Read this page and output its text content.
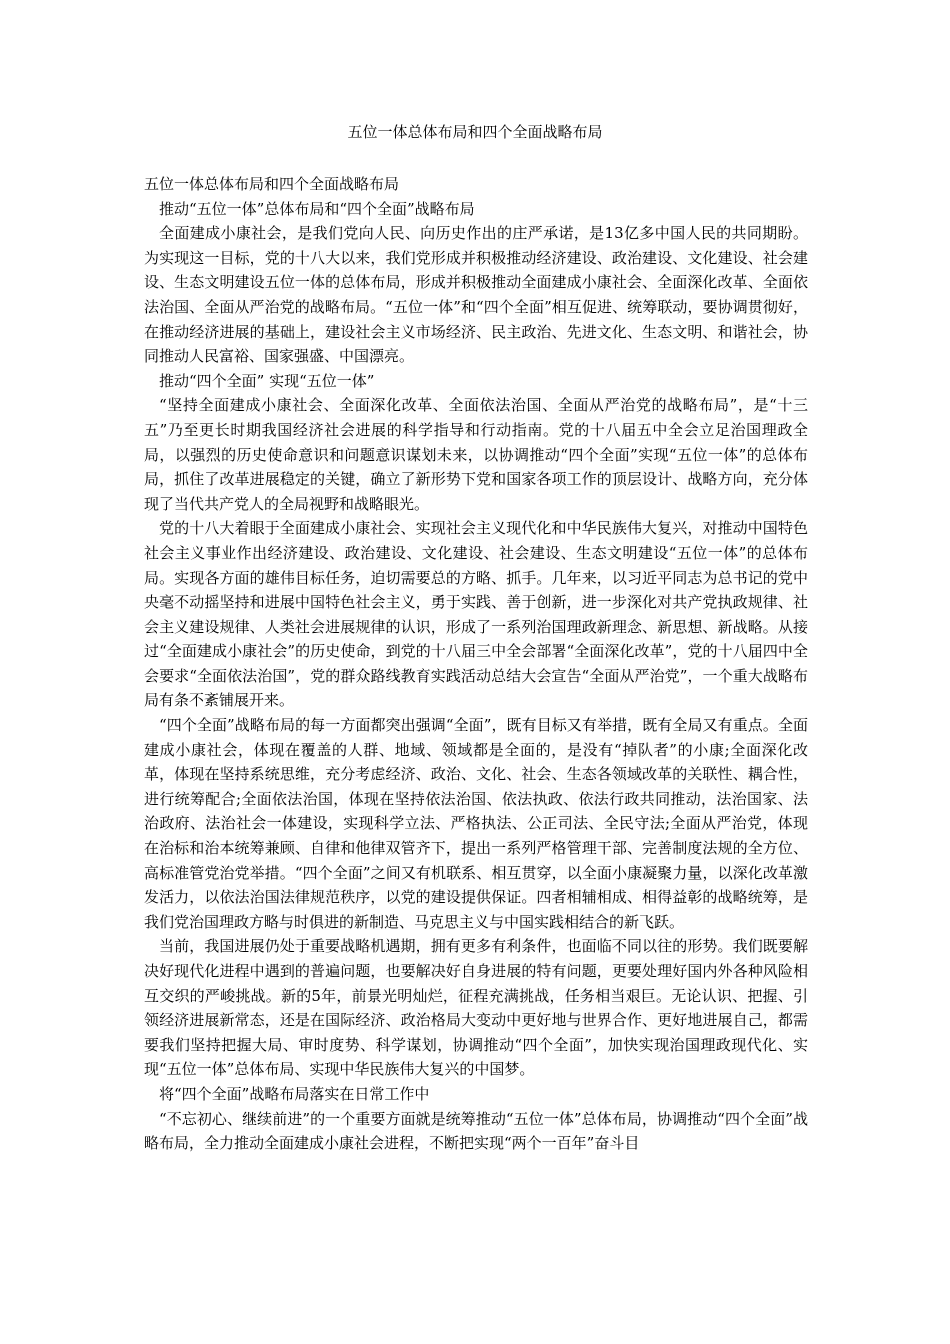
五位一体总体布局和四个全面战略布局

五位一体总体布局和四个全面战略布局

推动“五位一体”总体布局和“四个全面”战略布局

全面建成小康社会，是我们党向人民、向历史作出的庄严承诺，是13亿多中国人民的共同期盼。为实现这一目标，党的十八大以来，我们党形成并积极推动经济建设、政治建设、文化建设、社会建设、生态文明建设五位一体的总体布局，形成并积极推动全面建成小康社会、全面深化改革、全面依法治国、全面从严治党的战略布局。“五位一体”和“四个全面”相互促进、统筹联动，要协调贯彻好，在推动经济进展的基础上，建设社会主义市场经济、民主政治、先进文化、生态文明、和谐社会，协同推动人民富裕、国家强盛、中国漂亮。

推动“四个全面” 实现“五位一体”

“坚持全面建成小康社会、全面深化改革、全面依法治国、全面从严治党的战略布局”，是“十三五”乃至更长时期我国经济社会进展的科学指导和行动指南。党的十八届五中全会立足治国理政全局，以强烈的历史使命意识和问题意识谋划未来，以协调推动“四个全面”实现“五位一体”的总体布局，抓住了改革进展稳定的关键，确立了新形势下党和国家各项工作的顶层设计、战略方向，充分体现了当代共产党人的全局视野和战略眼光。

党的十八大着眼于全面建成小康社会、实现社会主义现代化和中华民族伟大复兴，对推动中国特色社会主义事业作出经济建设、政治建设、文化建设、社会建设、生态文明建设“五位一体”的总体布局。实现各方面的雄伟目标任务，迫切需要总的方略、抓手。几年来，以习近平同志为总书记的党中央毫不动摇坚持和进展中国特色社会主义，勇于实践、善于创新，进一步深化对共产党执政规律、社会主义建设规律、人类社会进展规律的认识，形成了一系列治国理政新理念、新思想、新战略。从接过“全面建成小康社会”的历史使命，到党的十八届三中全会部署“全面深化改革”，党的十八届四中全会要求“全面依法治国”，党的群众路线教育实践活动总结大会宣告“全面从严治党”，一个重大战略布局有条不紊铺展开来。

“四个全面”战略布局的每一方面都突出强调“全面”，既有目标又有举措，既有全局又有重点。全面建成小康社会，体现在覆盖的人群、地域、领域都是全面的，是没有“掉队者”的小康;全面深化改革，体现在坚持系统思维，充分考虑经济、政治、文化、社会、生态各领域改革的关联性、耦合性，进行统筹配合;全面依法治国，体现在坚持依法治国、依法执政、依法行政共同推动，法治国家、法治政府、法治社会一体建设，实现科学立法、严格执法、公正司法、全民守法;全面从严治党，体现在治标和治本统筹兼顾、自律和他律双管齐下，提出一系列严格管理干部、完善制度法规的全方位、高标准管党治党举措。“四个全面”之间又有机联系、相互贯穿，以全面小康凝聚力量，以深化改革激发活力，以依法治国法律规范秩序，以党的建设提供保证。四者相辅相成、相得益彰的战略统筹，是我们党治国理政方略与时俱进的新制造、马克思主义与中国实践相结合的新飞跃。

当前，我国进展仍处于重要战略机遇期，拥有更多有利条件，也面临不同以往的形势。我们既要解决好现代化进程中遇到的普遍问题，也要解决好自身进展的特有问题，更要处理好国内外各种风险相互交织的严峻挑战。新的5年，前景光明灿烂，征程充满挑战，任务相当艰巨。无论认识、把握、引领经济进展新常态，还是在国际经济、政治格局大变动中更好地与世界合作、更好地进展自己，都需要我们坚持把握大局、审时度势、科学谋划，协调推动“四个全面”，加快实现治国理政现代化、实现“五位一体”总体布局、实现中华民族伟大复兴的中国梦。

将“四个全面”战略布局落实在日常工作中

“不忘初心、继续前进”的一个重要方面就是统筹推动“五位一体”总体布局，协调推动“四个全面”战略布局，全力推动全面建成小康社会进程，不断把实现“两个一百年”奋斗目
